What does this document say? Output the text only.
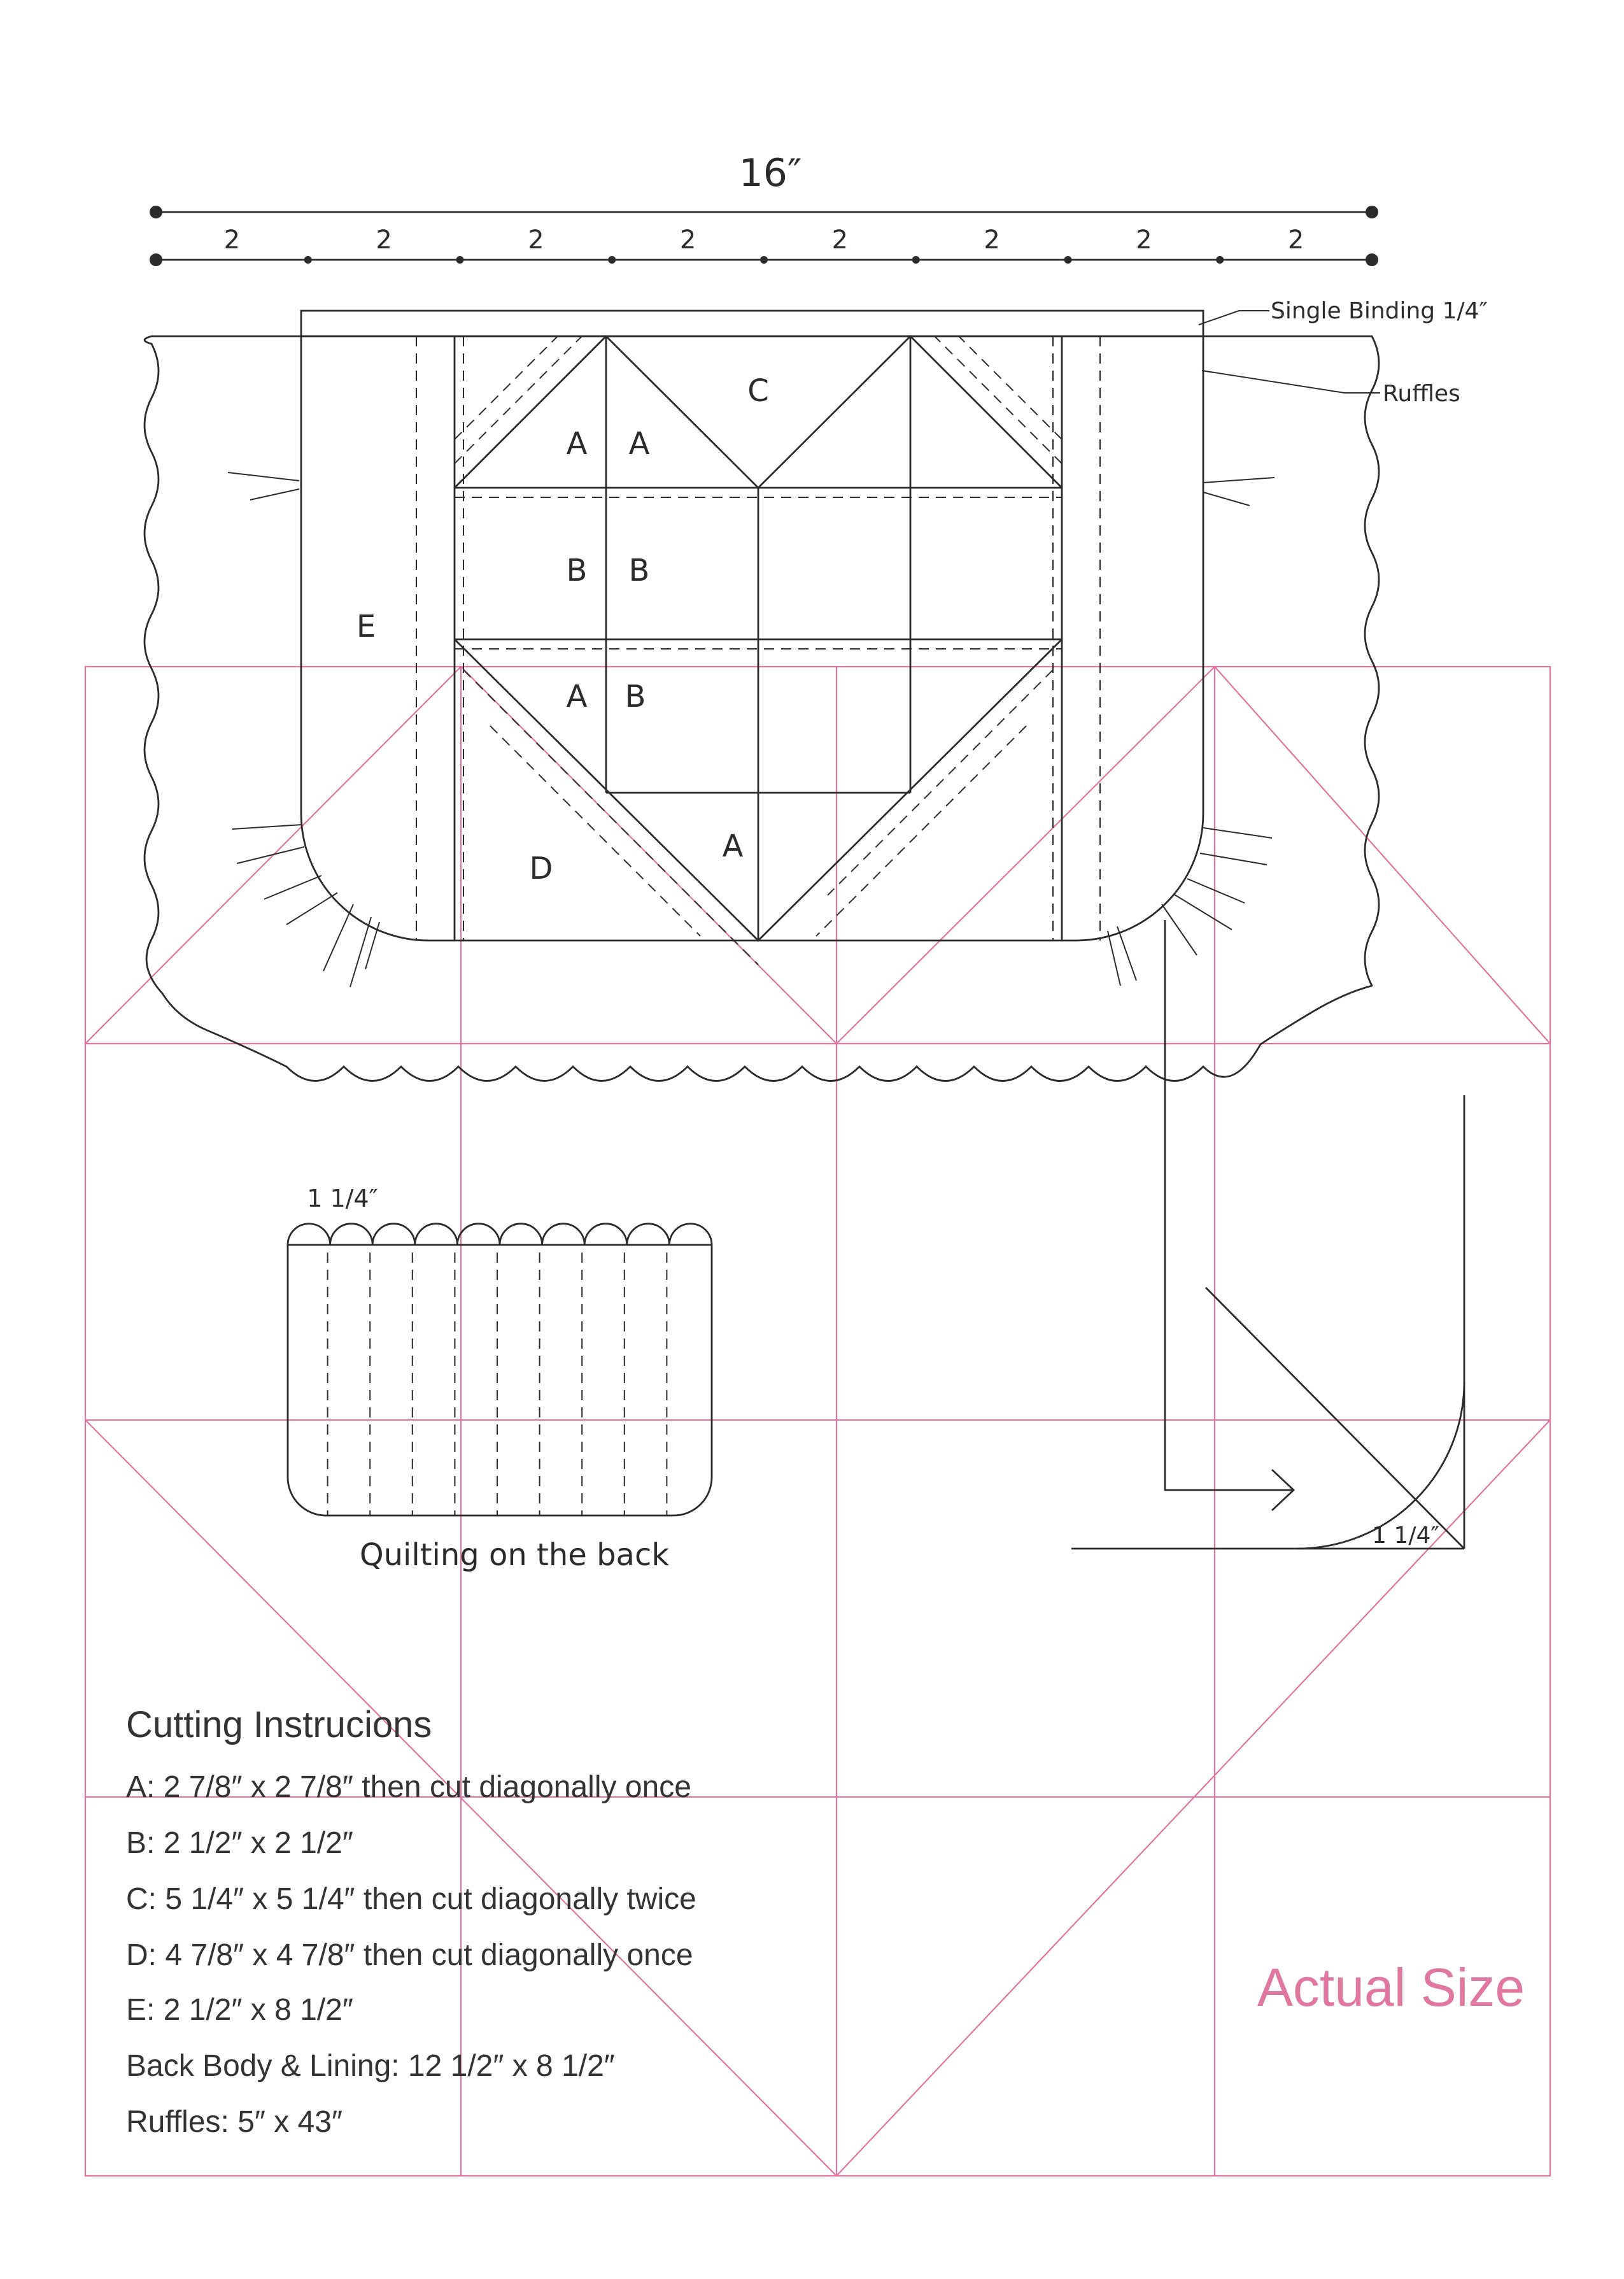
16″
2	2	2	2	2	2	2	2
A A
C
B B
E
A B
A
D
Single Binding 1/4″
Ruffles
1 1/4″
Quilting on the back
1 1/4″
Cutting Instrucions
A: 2 7/8″ x 2 7/8″ then cut diagonally once
B: 2 1/2″ x 2 1/2″
C: 5 1/4″ x 5 1/4″ then cut diagonally twice
D: 4 7/8″ x 4 7/8″ then cut diagonally once
E: 2 1/2″ x 8 1/2″
Back Body & Lining: 12 1/2″ x 8 1/2″
Ruffles: 5″ x 43″
Actual Size
